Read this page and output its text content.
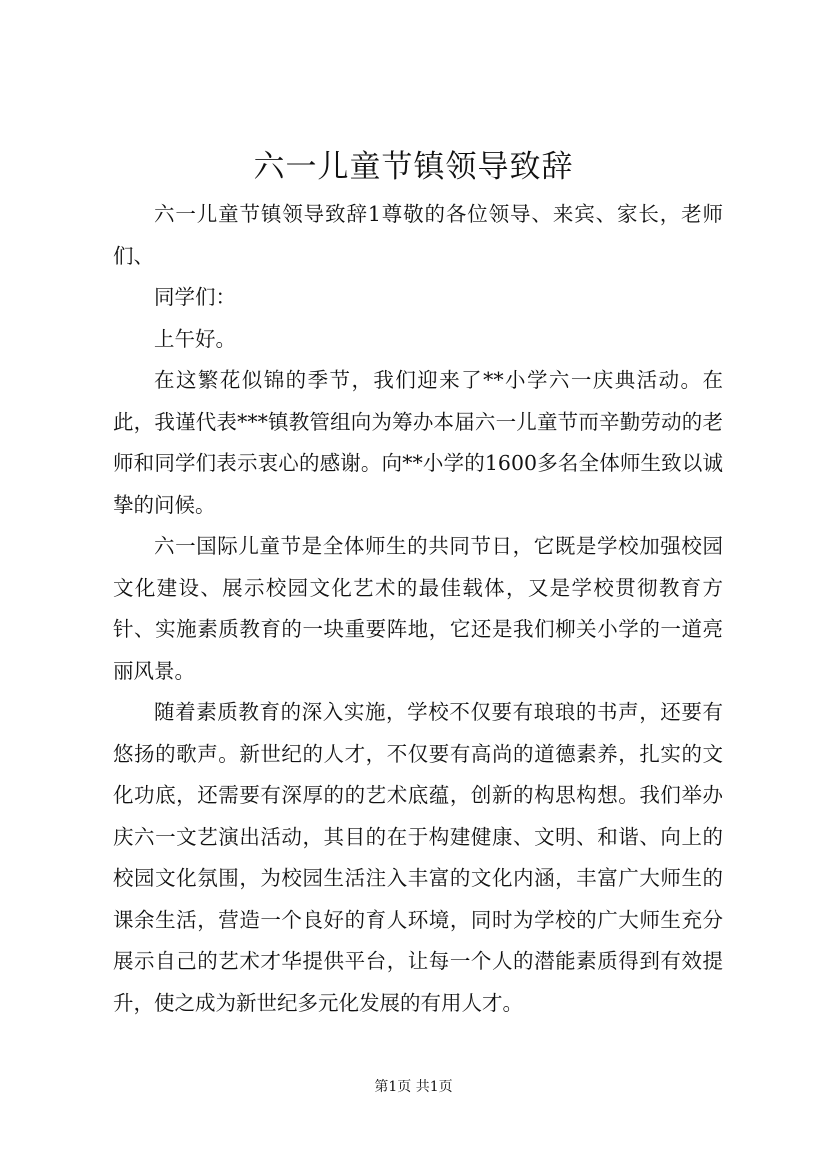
六一儿童节镇领导致辞

六一儿童节镇领导致辞1尊敬的各位领导、来宾、家长，老师们、

同学们：

上午好。

在这繁花似锦的季节，我们迎来了**小学六一庆典活动。在此，我谨代表***镇教管组向为筹办本届六一儿童节而辛勤劳动的老师和同学们表示衷心的感谢。向**小学的1600多名全体师生致以诚挚的问候。

六一国际儿童节是全体师生的共同节日，它既是学校加强校园文化建设、展示校园文化艺术的最佳载体，又是学校贯彻教育方针、实施素质教育的一块重要阵地，它还是我们柳关小学的一道亮丽风景。

随着素质教育的深入实施，学校不仅要有琅琅的书声，还要有悠扬的歌声。新世纪的人才，不仅要有高尚的道德素养，扎实的文化功底，还需要有深厚的的艺术底蕴，创新的构思构想。我们举办庆六一文艺演出活动，其目的在于构建健康、文明、和谐、向上的校园文化氛围，为校园生活注入丰富的文化内涵，丰富广大师生的课余生活，营造一个良好的育人环境，同时为学校的广大师生充分展示自己的艺术才华提供平台，让每一个人的潜能素质得到有效提升，使之成为新世纪多元化发展的有用人才。

第1页 共1页
